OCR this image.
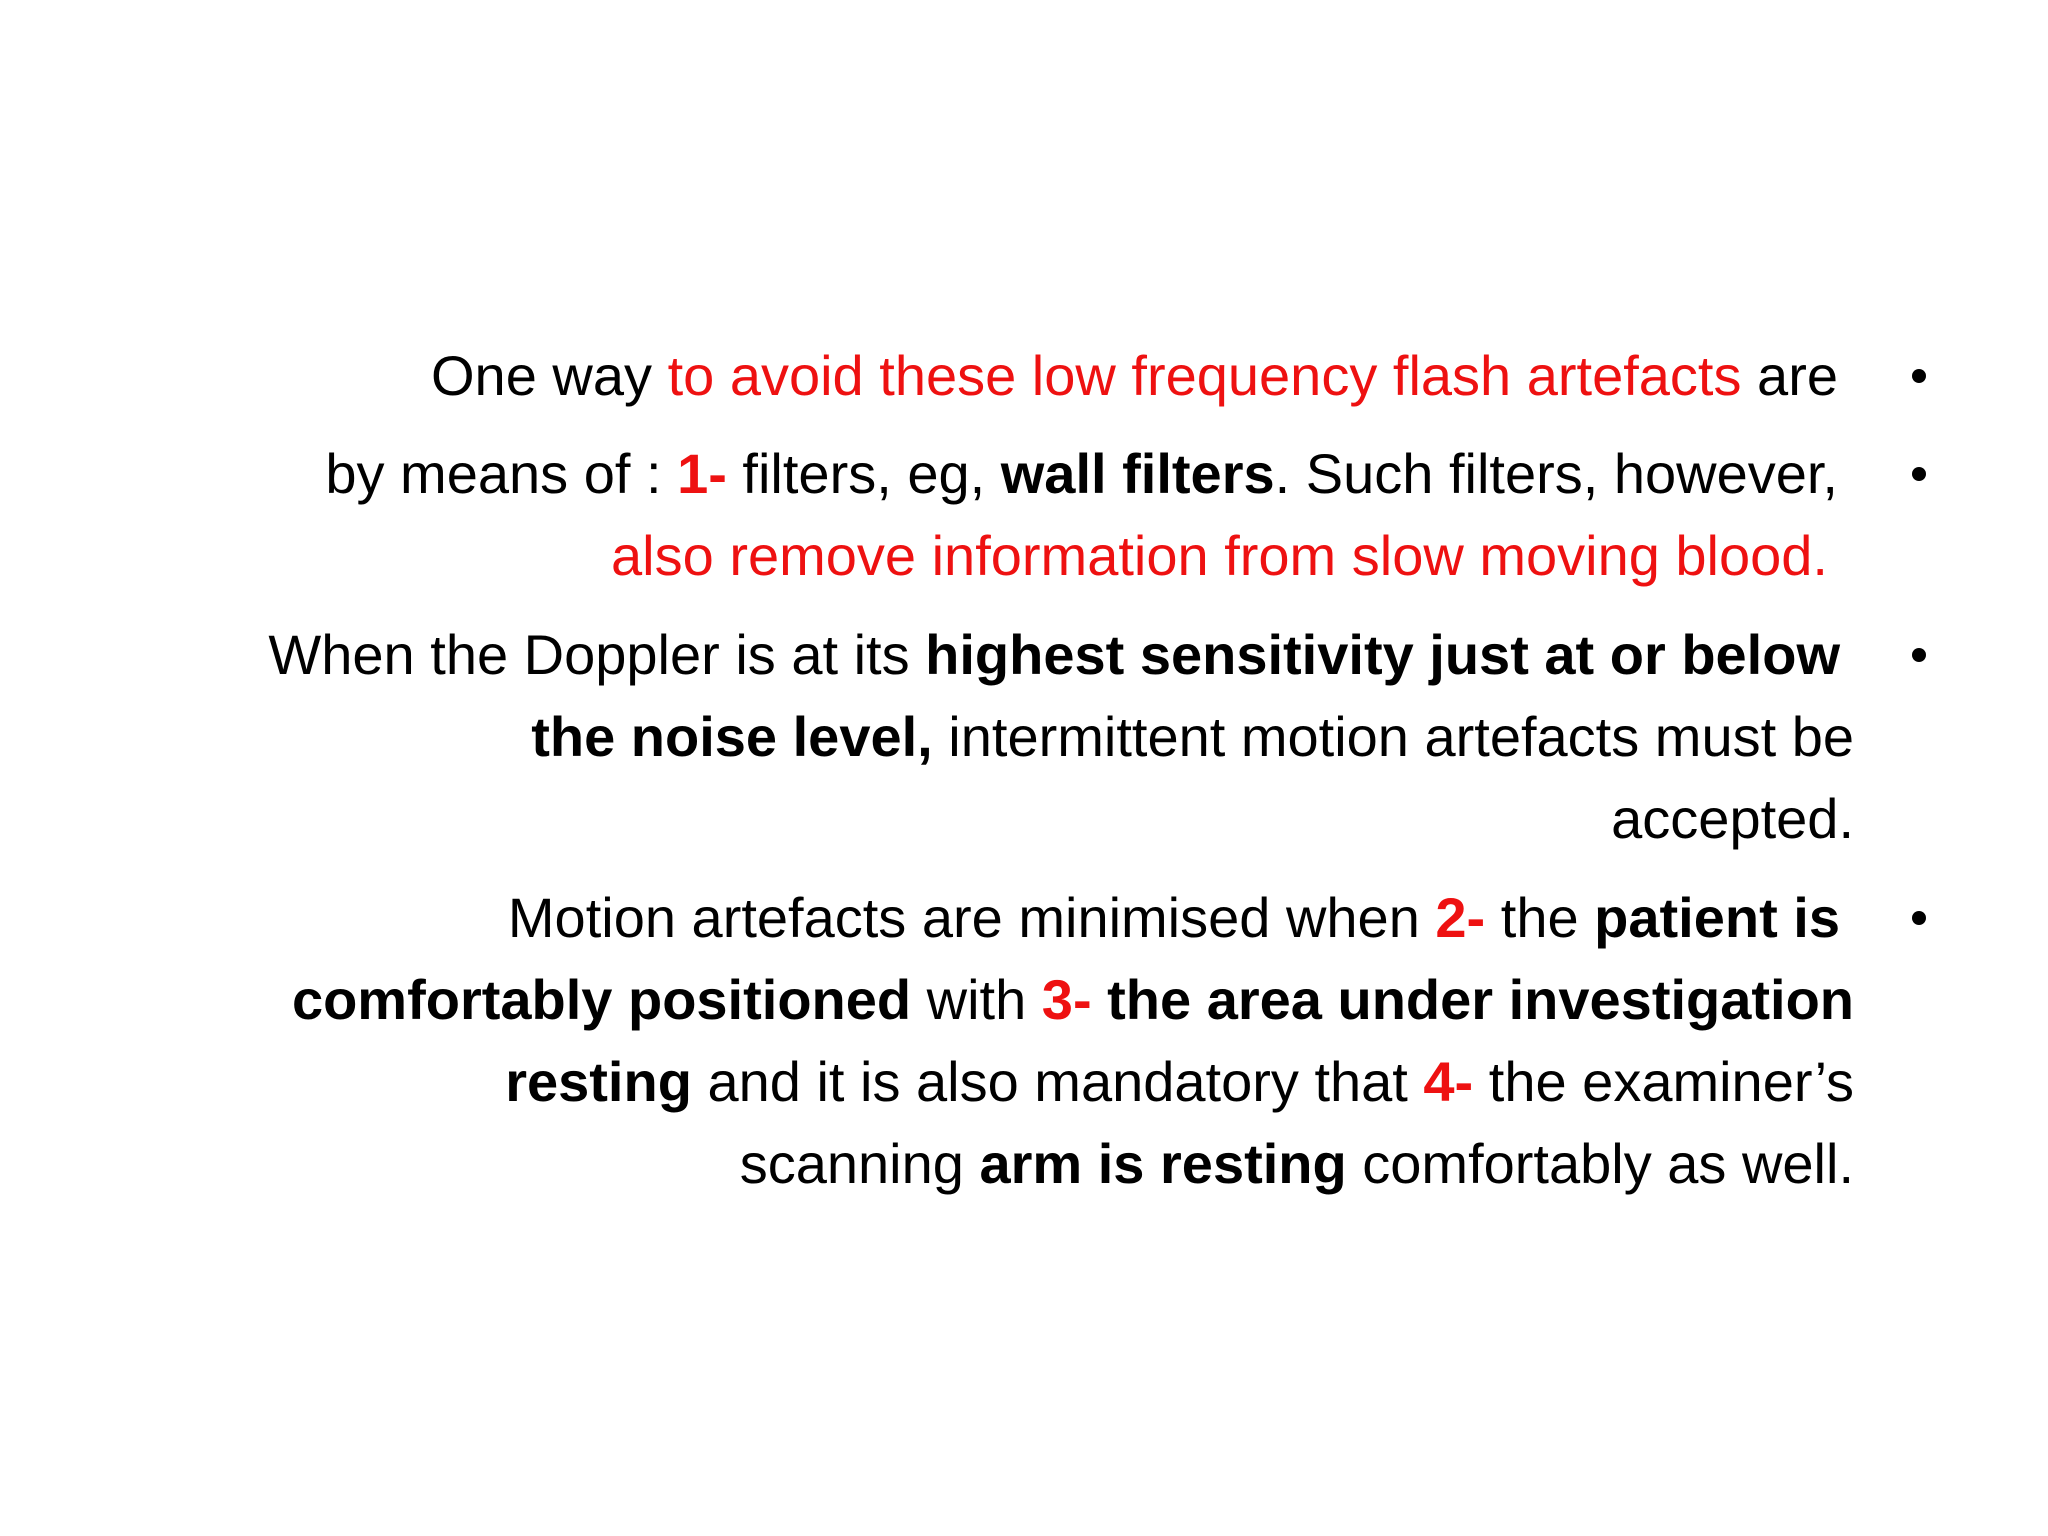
One way to avoid these low frequency flash artefacts are
by means of : 1- filters, eg, wall filters. Such filters, however,
also remove information from slow moving blood.
When the Doppler is at its highest sensitivity just at or below
the noise level, intermittent motion artefacts must be
accepted.
Motion artefacts are minimised when 2- the patient is
comfortably positioned with 3- the area under investigation
resting and it is also mandatory that 4- the examiner’s
scanning arm is resting comfortably as well.
